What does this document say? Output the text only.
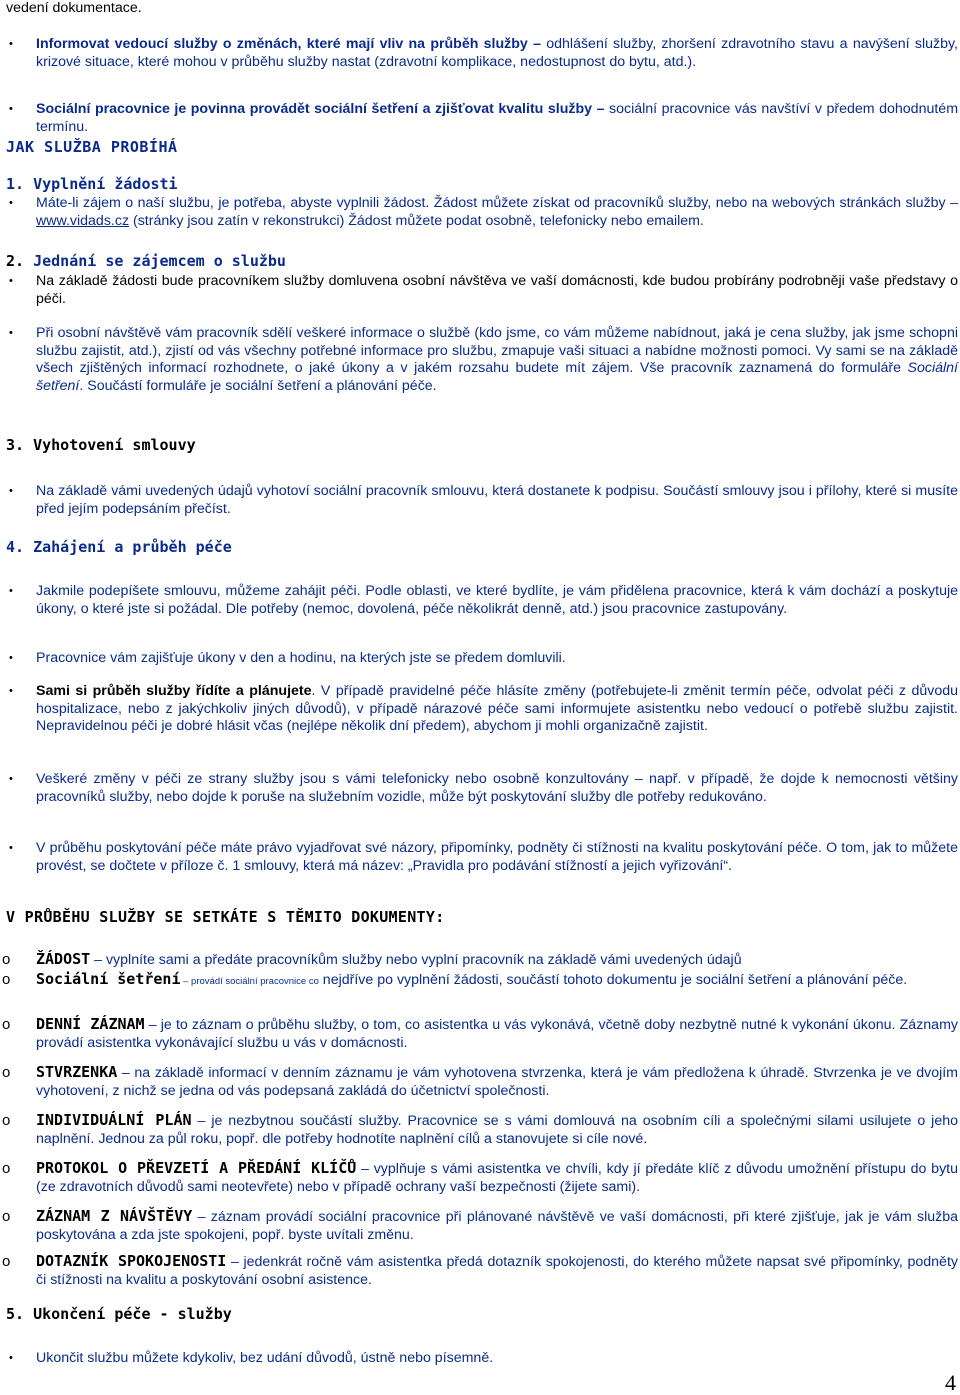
vedení dokumentace.
• Informovat vedoucí služby o změnách, které mají vliv na průběh služby – odhlášení služby, zhoršení zdravotního stavu a navýšení služby, krizové situace, které mohou v průběhu služby nastat (zdravotní komplikace, nedostupnost do bytu, atd.).
• Sociální pracovnice je povinna provádět sociální šetření a zjišťovat kvalitu služby – sociální pracovnice vás navštíví v předem dohodnutém termínu.
JAK SLUŽBA PROBÍHÁ
1. Vyplnění žádosti
• Máte-li zájem o naší službu, je potřeba, abyste vyplnili žádost. Žádost můžete získat od pracovníků služby, nebo na webových stránkách služby – www.vidads.cz (stránky jsou zatín v rekonstrukci) Žádost můžete podat osobně, telefonicky nebo emailem.
2. Jednání se zájemcem o službu
• Na základě žádosti bude pracovníkem služby domluvena osobní návštěva ve vaší domácnosti, kde budou probírány podrobněji vaše představy o péči.
• Při osobní návštěvě vám pracovník sdělí veškeré informace o službě (kdo jsme, co vám můžeme nabídnout, jaká je cena služby, jak jsme schopni službu zajistit, atd.), zjistí od vás všechny potřebné informace pro službu, zmapuje vaši situaci a nabídne možnosti pomoci. Vy sami se na základě všech zjištěných informací rozhodnete, o jaké úkony a v jakém rozsahu budete mít zájem. Vše pracovník zaznamená do formuláře Sociální šetření. Součástí formuláře je sociální šetření a plánování péče.
3. Vyhotovení smlouvy
• Na základě vámi uvedených údajů vyhotoví sociální pracovník smlouvu, která dostanete k podpisu. Součástí smlouvy jsou i přílohy, které si musíte před jejím podepsáním přečíst.
4. Zahájení a průběh péče
• Jakmile podepíšete smlouvu, můžeme zahájit péči. Podle oblasti, ve které bydlíte, je vám přidělena pracovnice, která k vám dochází a poskytuje úkony, o které jste si požádal. Dle potřeby (nemoc, dovolená, péče několikrát denně, atd.) jsou pracovnice zastupovány.
• Pracovnice vám zajišťuje úkony v den a hodinu, na kterých jste se předem domluvili.
• Sami si průběh služby řídíte a plánujete. V případě pravidelné péče hlásíte změny (potřebujete-li změnit termín péče, odvolat péči z důvodu hospitalizace, nebo z jakýchkoliv jiných důvodů), v případě nárazové péče sami informujete asistentku nebo vedoucí o potřebě službu zajistit. Nepravidelnou péči je dobré hlásit včas (nejlépe několik dní předem), abychom ji mohli organizačně zajistit.
• Veškeré změny v péči ze strany služby jsou s vámi telefonicky nebo osobně konzultovány – např. v případě, že dojde k nemocnosti většiny pracovníků služby, nebo dojde k poruše na služebním vozidle, může být poskytování služby dle potřeby redukováno.
• V průběhu poskytování péče máte právo vyjadřovat své názory, připomínky, podněty či stížnosti na kvalitu poskytování péče. O tom, jak to můžete provést, se dočtete v příloze č. 1 smlouvy, která má název: „Pravidla pro podávání stížností a jejich vyřizování“.
V PRŮBĚHU SLUŽBY SE SETKÁTE S TĚMITO DOKUMENTY:
o ŽÁDOST – vyplníte sami a předáte pracovníkům služby nebo vyplní pracovník na základě vámi uvedených údajů
o Sociální šetření – provádí sociální pracovnice co nejdříve po vyplnění žádosti, součástí tohoto dokumentu je sociální šetření a plánování péče.
o DENNÍ ZÁZNAM – je to záznam o průběhu služby, o tom, co asistentka u vás vykonává, včetně doby nezbytně nutné k vykonání úkonu. Záznamy provádí asistentka vykonávající službu u vás v domácnosti.
o STVRZENKA – na základě informací v denním záznamu je vám vyhotovena stvrzenka, která je vám předložena k úhradě. Stvrzenka je ve dvojím vyhotovení, z nichž se jedna od vás podepsaná zakládá do účetnictví společnosti.
o INDIVIDUÁLNÍ PLÁN – je nezbytnou součástí služby. Pracovnice se s vámi domlouvá na osobním cíli a společnými silami usilujete o jeho naplnění. Jednou za půl roku, popř. dle potřeby hodnotíte naplnění cílů a stanovujete si cíle nové.
o PROTOKOL O PŘEVZETÍ A PŘEDÁNÍ KLÍČŮ – vyplňuje s vámi asistentka ve chvíli, kdy jí předáte klíč z důvodu umožnění přístupu do bytu (ze zdravotních důvodů sami neotevřete) nebo v případě ochrany vaší bezpečnosti (žijete sami).
o ZÁZNAM Z NÁVŠTĚVY – záznam provádí sociální pracovnice při plánované návštěvě ve vaší domácnosti, při které zjišťuje, jak je vám služba poskytována a zda jste spokojeni, popř. byste uvítali změnu.
o DOTAZNÍK SPOKOJENOSTI – jedenkrát ročně vám asistentka předá dotazník spokojenosti, do kterého můžete napsat své připomínky, podněty či stížnosti na kvalitu a poskytování osobní asistence.
5. Ukončení péče - služby
• Ukončit službu můžete kdykoliv, bez udání důvodů, ústně nebo písemně.
4
